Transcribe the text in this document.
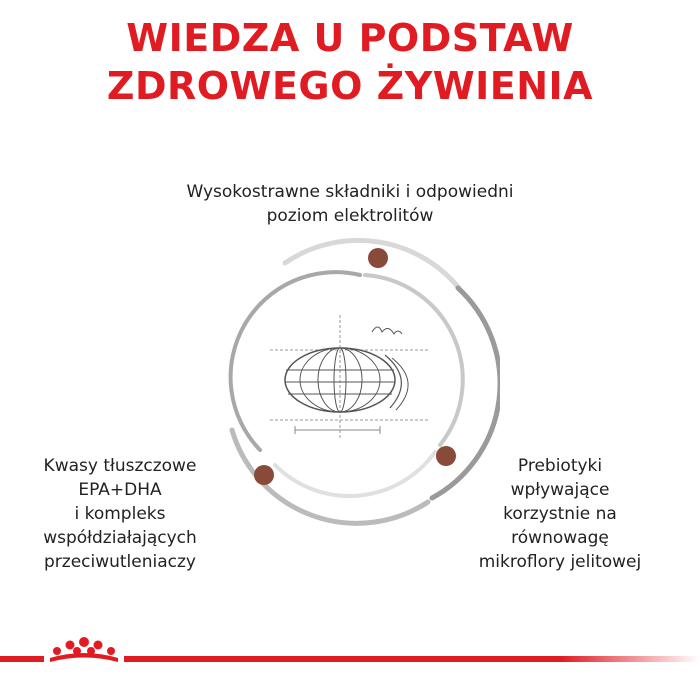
WIEDZA U PODSTAW
ZDROWEGO ŻYWIENIA
Wysokostrawne składniki i odpowiedni
poziom elektrolitów
Kwasy tłuszczowe
EPA+DHA
i kompleks
współdziałających
przeciwutleniaczy
Prebiotyki
wpływające
korzystnie na
równowagę
mikroflory jelitowej
